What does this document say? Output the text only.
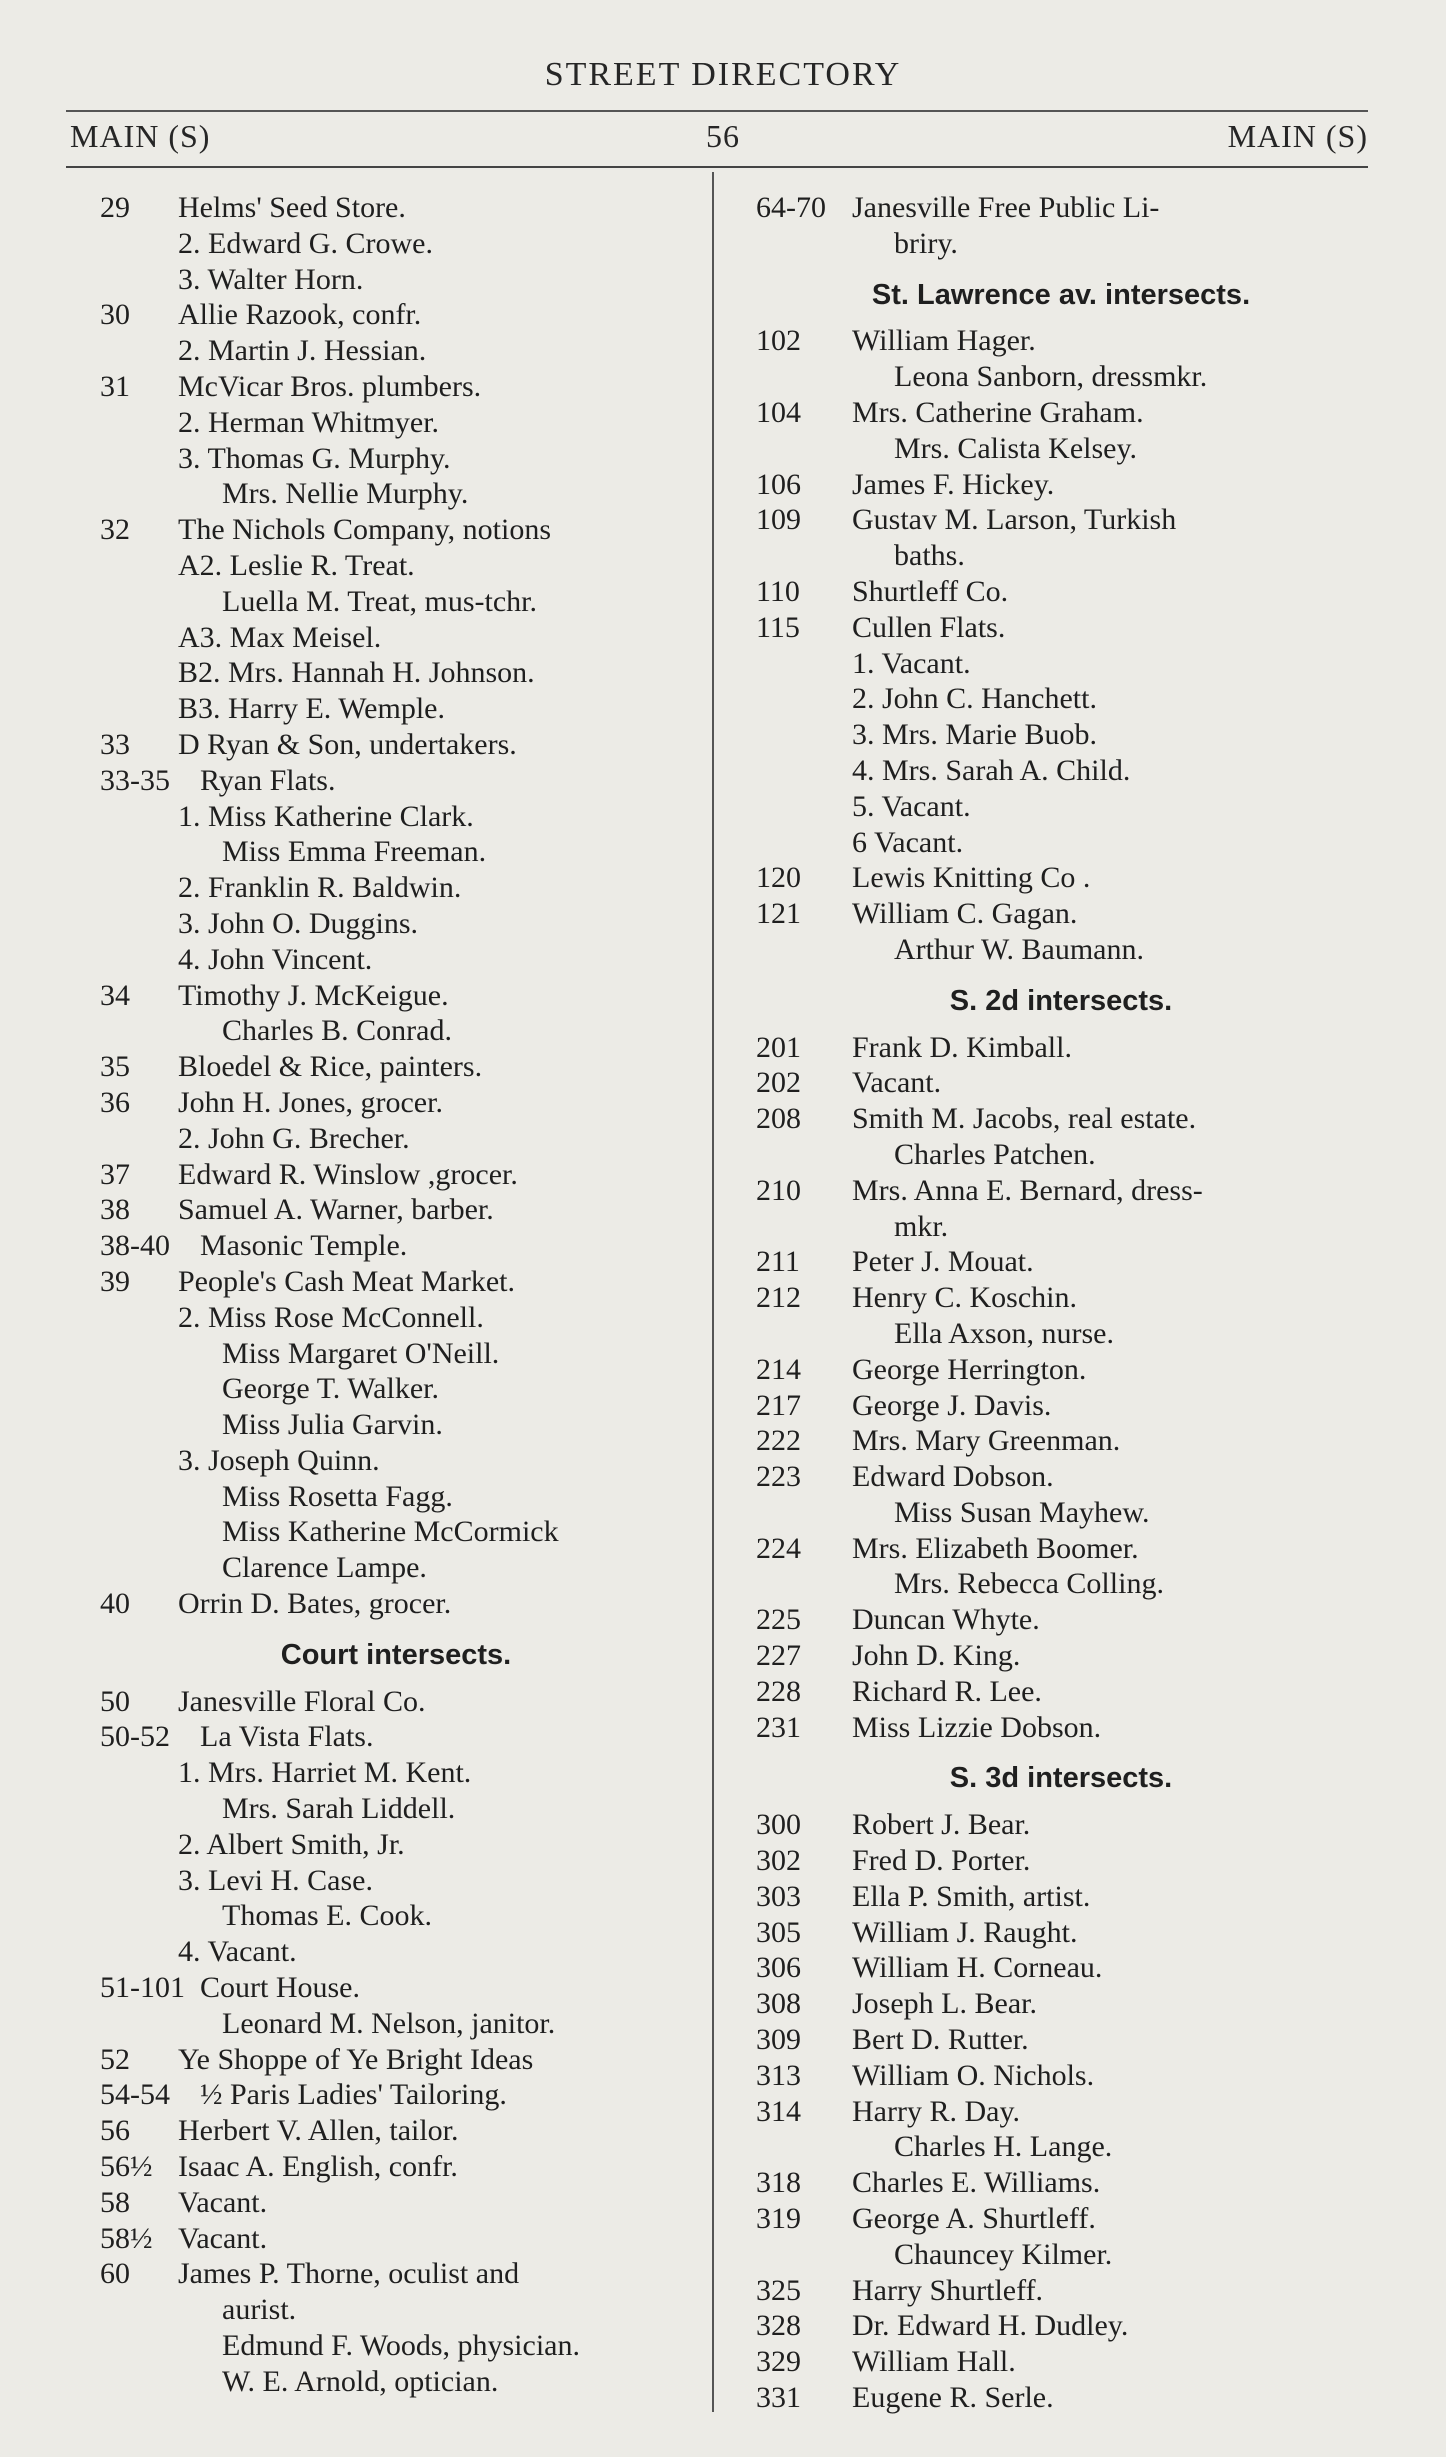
STREET DIRECTORY
MAIN (S)	56	MAIN (S)
29 Helms' Seed Store.
2. Edward G. Crowe.
3. Walter Horn.
30 Allie Razook, confr.
2. Martin J. Hessian.
31 McVicar Bros. plumbers.
2. Herman Whitmyer.
3. Thomas G. Murphy.
Mrs. Nellie Murphy.
32 The Nichols Company, notions
A2. Leslie R. Treat.
Luella M. Treat, mus-tchr.
A3. Max Meisel.
B2. Mrs. Hannah H. Johnson.
B3. Harry E. Wemple.
33 D Ryan & Son, undertakers.
33-35 Ryan Flats.
1. Miss Katherine Clark.
Miss Emma Freeman.
2. Franklin R. Baldwin.
3. John O. Duggins.
4. John Vincent.
34 Timothy J. McKeigue.
Charles B. Conrad.
35 Bloedel & Rice, painters.
36 John H. Jones, grocer.
2. John G. Brecher.
37 Edward R. Winslow ,grocer.
38 Samuel A. Warner, barber.
38-40 Masonic Temple.
39 People's Cash Meat Market.
2. Miss Rose McConnell.
Miss Margaret O'Neill.
George T. Walker.
Miss Julia Garvin.
3. Joseph Quinn.
Miss Rosetta Fagg.
Miss Katherine McCormick
Clarence Lampe.
40 Orrin D. Bates, grocer.
Court intersects.
50 Janesville Floral Co.
50-52 La Vista Flats.
1. Mrs. Harriet M. Kent.
Mrs. Sarah Liddell.
2. Albert Smith, Jr.
3. Levi H. Case.
Thomas E. Cook.
4. Vacant.
51-101 Court House.
Leonard M. Nelson, janitor.
52 Ye Shoppe of Ye Bright Ideas
54-54 ½ Paris Ladies' Tailoring.
56 Herbert V. Allen, tailor.
56½ Isaac A. English, confr.
58 Vacant.
58½ Vacant.
60 James P. Thorne, oculist and
aurist.
Edmund F. Woods, physician.
W. E. Arnold, optician.
64-70 Janesville Free Public Li-
briry.
St. Lawrence av. intersects.
102 William Hager.
Leona Sanborn, dressmkr.
104 Mrs. Catherine Graham.
Mrs. Calista Kelsey.
106 James F. Hickey.
109 Gustav M. Larson, Turkish
baths.
110 Shurtleff Co.
115 Cullen Flats.
1. Vacant.
2. John C. Hanchett.
3. Mrs. Marie Buob.
4. Mrs. Sarah A. Child.
5. Vacant.
6 Vacant.
120 Lewis Knitting Co .
121 William C. Gagan.
Arthur W. Baumann.
S. 2d intersects.
201 Frank D. Kimball.
202 Vacant.
208 Smith M. Jacobs, real estate.
Charles Patchen.
210 Mrs. Anna E. Bernard, dress-
mkr.
211 Peter J. Mouat.
212 Henry C. Koschin.
Ella Axson, nurse.
214 George Herrington.
217 George J. Davis.
222 Mrs. Mary Greenman.
223 Edward Dobson.
Miss Susan Mayhew.
224 Mrs. Elizabeth Boomer.
Mrs. Rebecca Colling.
225 Duncan Whyte.
227 John D. King.
228 Richard R. Lee.
231 Miss Lizzie Dobson.
S. 3d intersects.
300 Robert J. Bear.
302 Fred D. Porter.
303 Ella P. Smith, artist.
305 William J. Raught.
306 William H. Corneau.
308 Joseph L. Bear.
309 Bert D. Rutter.
313 William O. Nichols.
314 Harry R. Day.
Charles H. Lange.
318 Charles E. Williams.
319 George A. Shurtleff.
Chauncey Kilmer.
325 Harry Shurtleff.
328 Dr. Edward H. Dudley.
329 William Hall.
331 Eugene R. Serle.
